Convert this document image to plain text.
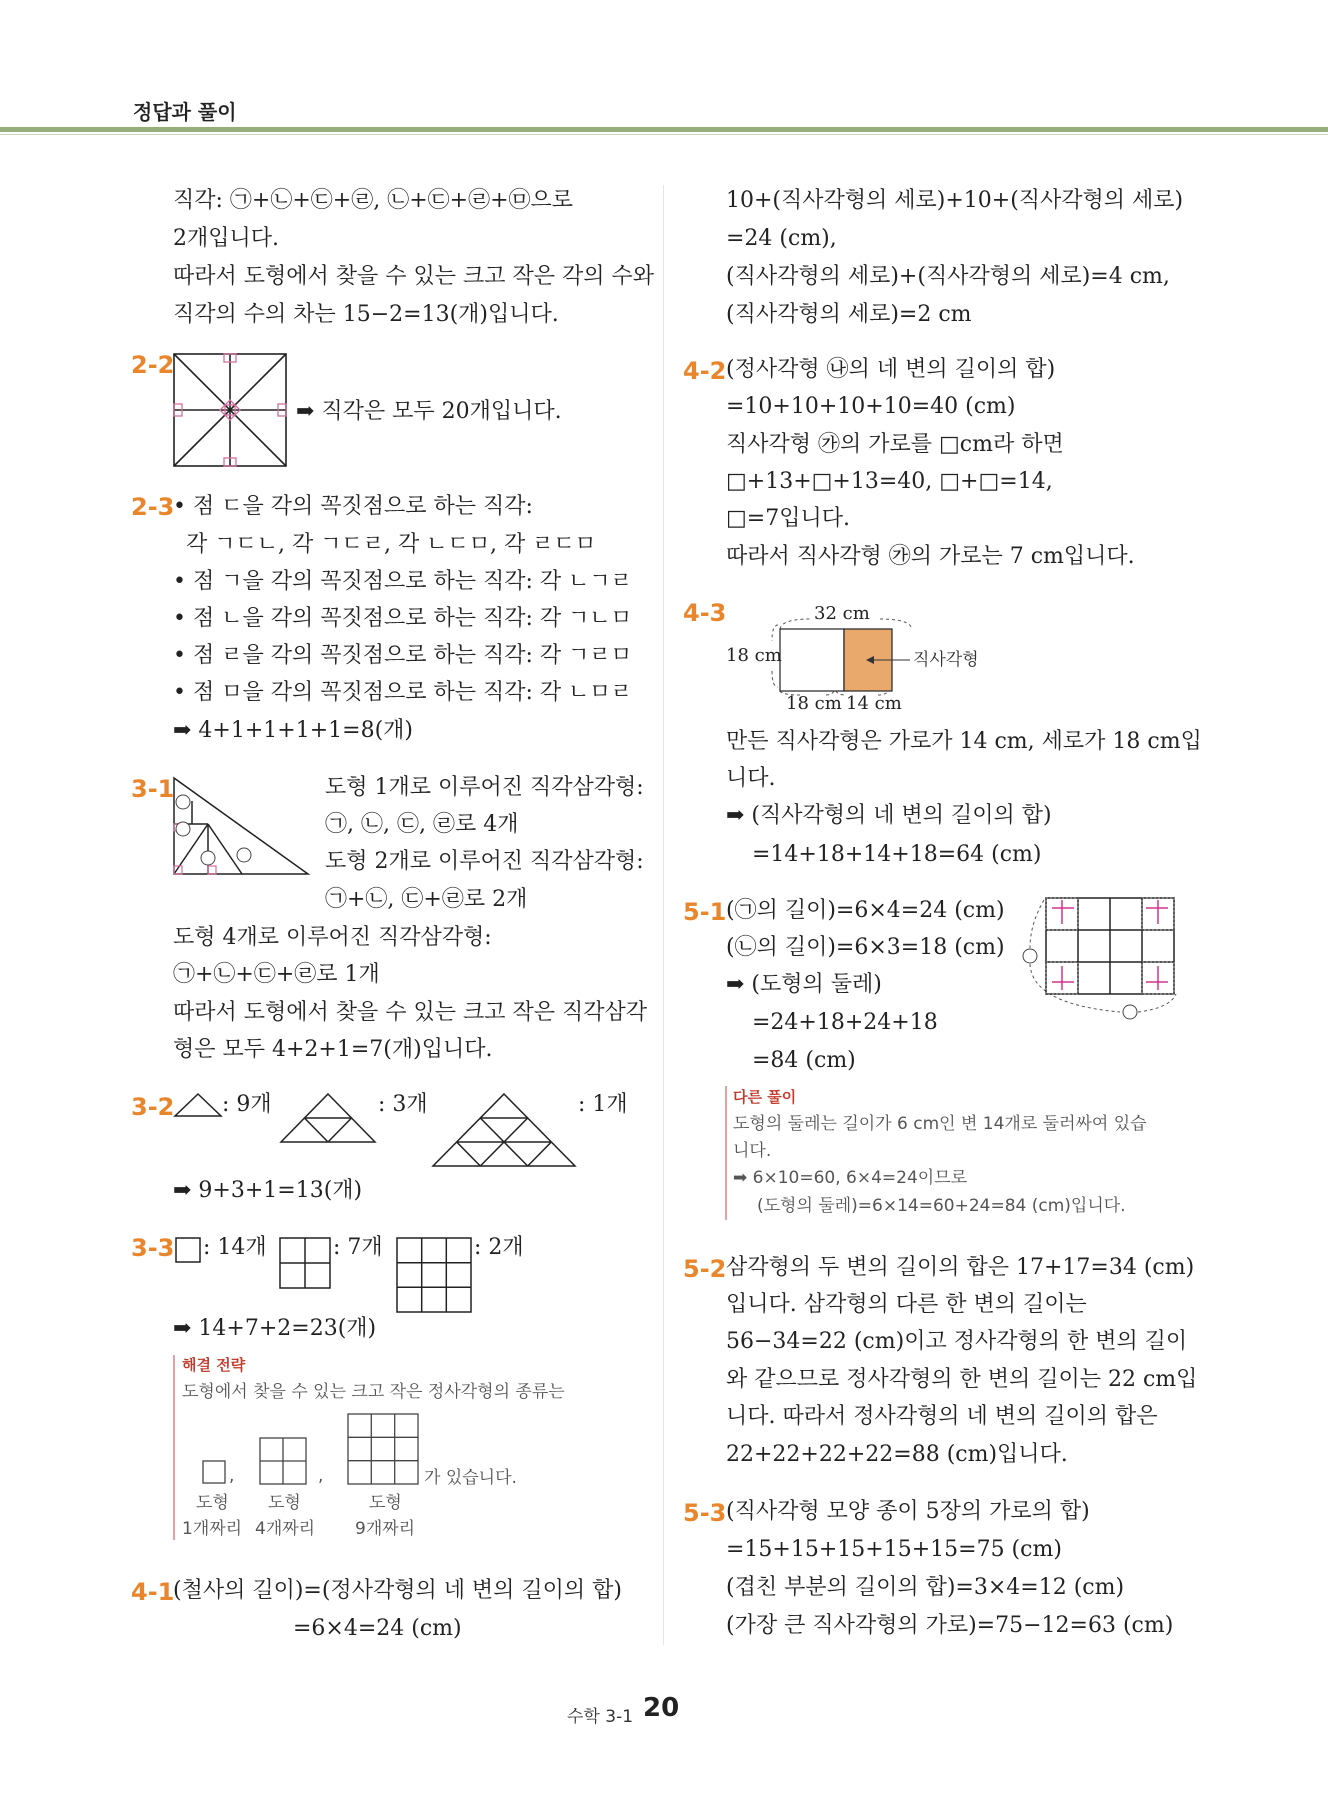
정답과 풀이
직각: ㉠+㉡+㉢+㉣, ㉡+㉢+㉣+㉤으로
2개입니다.
따라서 도형에서 찾을 수 있는 크고 작은 각의 수와
직각의 수의 차는 15−2=13(개)입니다.
2-2
➡ 직각은 모두 20개입니다.
2-3
• 점 ㄷ을 각의 꼭짓점으로 하는 직각:
각 ㄱㄷㄴ, 각 ㄱㄷㄹ, 각 ㄴㄷㅁ, 각 ㄹㄷㅁ
• 점 ㄱ을 각의 꼭짓점으로 하는 직각: 각 ㄴㄱㄹ
• 점 ㄴ을 각의 꼭짓점으로 하는 직각: 각 ㄱㄴㅁ
• 점 ㄹ을 각의 꼭짓점으로 하는 직각: 각 ㄱㄹㅁ
• 점 ㅁ을 각의 꼭짓점으로 하는 직각: 각 ㄴㅁㄹ
➡ 4+1+1+1+1=8(개)
3-1	도형 1개로 이루어진 직각삼각형:
㉠, ㉡, ㉢, ㉣로 4개
도형 2개로 이루어진 직각삼각형:
㉠+㉡, ㉢+㉣로 2개
도형 4개로 이루어진 직각삼각형:
㉠+㉡+㉢+㉣로 1개
따라서 도형에서 찾을 수 있는 크고 작은 직각삼각
형은 모두 4+2+1=7(개)입니다.
3-2 : 9개	: 3개	: 1개
➡ 9+3+1=13(개)
3-3 : 14개	: 7개	: 2개
➡ 14+7+2=23(개)
해결 전략
도형에서 찾을 수 있는 크고 작은 정사각형의 종류는
,	,	가 있습니다.
도형
1개짜리
도형
4개짜리
도형
9개짜리
4-1
(철사의 길이)=(정사각형의 네 변의 길이의 합)
=6×4=24 (cm)
10+(직사각형의 세로)+10+(직사각형의 세로)
=24 (cm),
(직사각형의 세로)+(직사각형의 세로)=4 cm,
(직사각형의 세로)=2 cm
4-2 (정사각형 ㉯의 네 변의 길이의 합)
=10+10+10+10=40 (cm)
직사각형 ㉮의 가로를 □cm라 하면
□+13+□+13=40, □+□=14,
□=7입니다.
따라서 직사각형 ㉮의 가로는 7 cm입니다.
4-3	32 cm
18 cm
18 cm 14 cm
직사각형
만든 직사각형은 가로가 14 cm, 세로가 18 cm입
니다.
➡ (직사각형의 네 변의 길이의 합)
=14+18+14+18=64 (cm)
5-1 (㉠의 길이)=6×4=24 (cm)
(㉡의 길이)=6×3=18 (cm)
➡ (도형의 둘레)
=24+18+24+18
=84 (cm)
다른 풀이
도형의 둘레는 길이가 6 cm인 변 14개로 둘러싸여 있습
니다.
➡ 6×10=60, 6×4=24이므로
(도형의 둘레)=6×14=60+24=84 (cm)입니다.
5-2 삼각형의 두 변의 길이의 합은 17+17=34 (cm)
입니다. 삼각형의 다른 한 변의 길이는
56−34=22 (cm)이고 정사각형의 한 변의 길이
와 같으므로 정사각형의 한 변의 길이는 22 cm입
니다. 따라서 정사각형의 네 변의 길이의 합은
22+22+22+22=88 (cm)입니다.
5-3 (직사각형 모양 종이 5장의 가로의 합)
=15+15+15+15+15=75 (cm)
(겹친 부분의 길이의 합)=3×4=12 (cm)
(가장 큰 직사각형의 가로)=75−12=63 (cm)
수학 3-1 20
